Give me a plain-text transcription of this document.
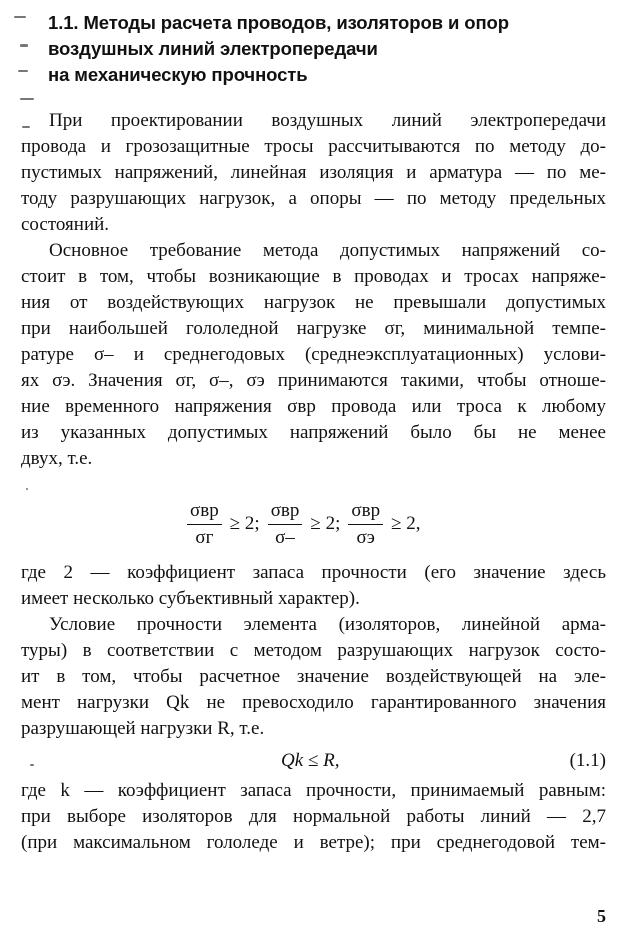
1.1. Методы расчета проводов, изоляторов и опор
воздушных линий электропередачи
на механическую прочность
При проектировании воздушных линий электропередачи
провода и грозозащитные тросы рассчитываются по методу до-
пустимых напряжений, линейная изоляция и арматура — по ме-
тоду разрушающих нагрузок, а опоры — по методу предельных
состояний.
Основное требование метода допустимых напряжений со-
стоит в том, чтобы возникающие в проводах и тросах напряже-
ния от воздействующих нагрузок не превышали допустимых
при наибольшей гололедной нагрузке σг, минимальной темпе-
ратуре σ– и среднегодовых (среднеэксплуатационных) услови-
ях σэ. Значения σг, σ–, σэ принимаются такими, чтобы отноше-
ние временного напряжения σвр провода или троса к любому
из указанных допустимых напряжений было бы не менее
двух, т.е.
$\frac{\text{σвр}}{\sigma г} \ge 2$; $\frac{\text{σвр}}{\sigma-} \ge 2$; $\frac{\text{σвр}}{\sigma э} \ge 2$,
где 2 — коэффициент запаса прочности (его значение здесь
имеет несколько субъективный характер).
Условие прочности элемента (изоляторов, линейной арма-
туры) в соответствии с методом разрушающих нагрузок состо-
ит в том, чтобы расчетное значение воздействующей на эле-
мент нагрузки Qk не превосходило гарантированного значения
разрушающей нагрузки R, т.е.
Qk ≤ R,	(1.1)
где k — коэффициент запаса прочности, принимаемый равным:
при выборе изоляторов для нормальной работы линий — 2,7
(при максимальном гололеде и ветре); при среднегодовой тем-
5
